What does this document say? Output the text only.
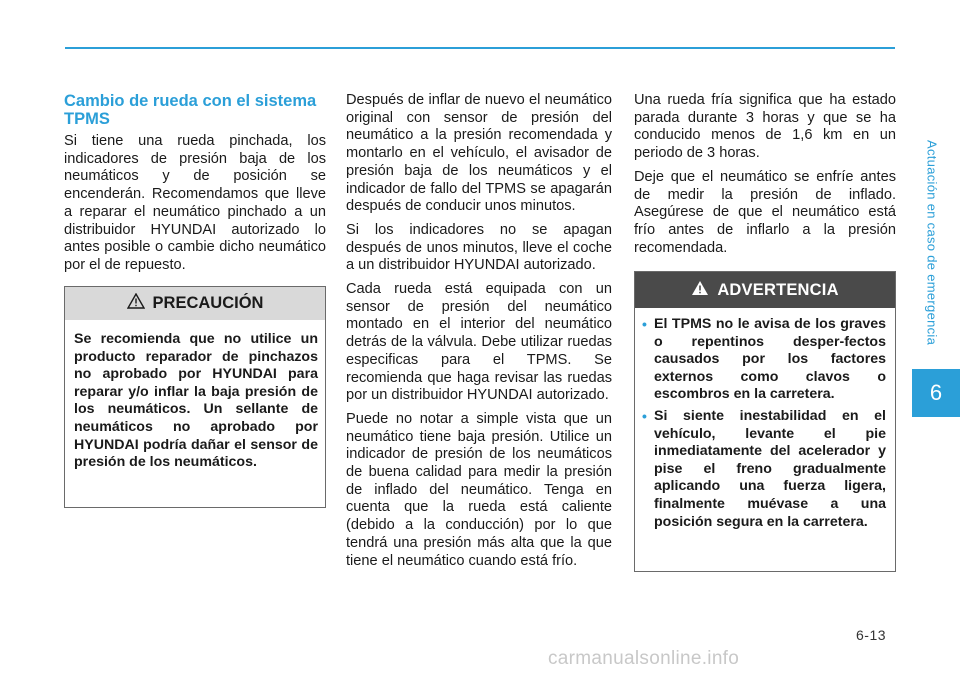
Cambio de rueda con el sistema TPMS

Si tiene una rueda pinchada, los indicadores de presión baja de los neumáticos y de posición se encenderán. Recomendamos que lleve a reparar el neumático pinchado a un distribuidor HYUNDAI autorizado lo antes posible o cambie dicho neumático por el de repuesto.

PRECAUCIÓN
Se recomienda que no utilice un producto reparador de pinchazos no aprobado por HYUNDAI para reparar y/o inflar la baja presión de los neumáticos. Un sellante de neumáticos no aprobado por HYUNDAI podría dañar el sensor de presión de los neumáticos.

Después de inflar de nuevo el neumático original con sensor de presión del neumático a la presión recomendada y montarlo en el vehículo, el avisador de presión baja de los neumáticos y el indicador de fallo del TPMS se apagarán después de conducir unos minutos.

Si los indicadores no se apagan después de unos minutos, lleve el coche a un distribuidor HYUNDAI autorizado.

Cada rueda está equipada con un sensor de presión del neumático montado en el interior del neumático detrás de la válvula. Debe utilizar ruedas especificas para el TPMS. Se recomienda que haga revisar las ruedas por un distribuidor HYUNDAI autorizado.

Puede no notar a simple vista que un neumático tiene baja presión. Utilice un indicador de presión de los neumáticos de buena calidad para medir la presión de inflado del neumático. Tenga en cuenta que la rueda está caliente (debido a la conducción) por lo que tendrá una presión más alta que la que tiene el neumático cuando está frío.

Una rueda fría significa que ha estado parada durante 3 horas y que se ha conducido menos de 1,6 km en un periodo de 3 horas.

Deje que el neumático se enfríe antes de medir la presión de inflado. Asegúrese de que el neumático está frío antes de inflarlo a la presión recomendada.

ADVERTENCIA
• El TPMS no le avisa de los graves o repentinos desper-fectos causados por los factores externos como clavos o escombros en la carretera.
• Si siente inestabilidad en el vehículo, levante el pie inmediatamente del acelerador y pise el freno gradualmente aplicando una fuerza ligera, finalmente muévase a una posición segura en la carretera.
Actuación en caso de emergencia
6
6-13
carmanualsonline.info
